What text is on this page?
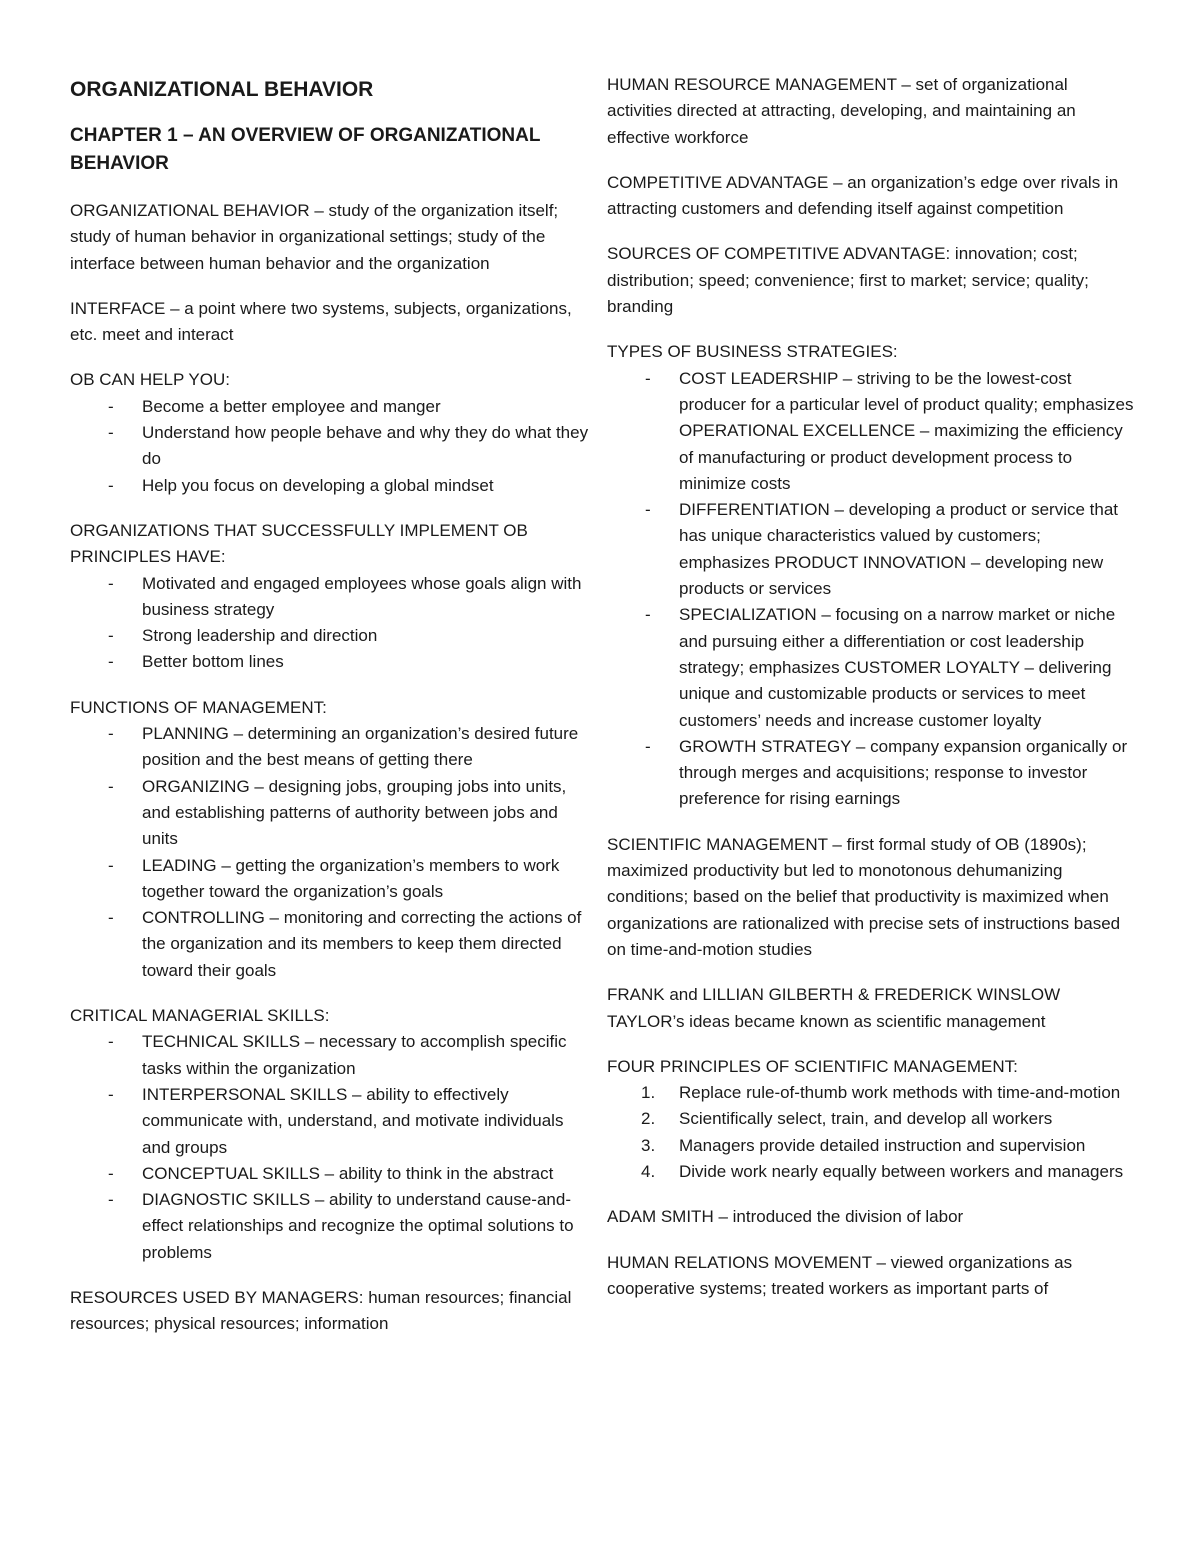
ORGANIZATIONAL BEHAVIOR
CHAPTER 1 – AN OVERVIEW OF ORGANIZATIONAL BEHAVIOR

ORGANIZATIONAL BEHAVIOR – study of the organization itself; study of human behavior in organizational settings; study of the interface between human behavior and the organization

INTERFACE – a point where two systems, subjects, organizations, etc. meet and interact

OB CAN HELP YOU:

- Become a better employee and manger
- Understand how people behave and why they do what they do
- Help you focus on developing a global mindset

ORGANIZATIONS THAT SUCCESSFULLY IMPLEMENT OB PRINCIPLES HAVE:

- Motivated and engaged employees whose goals align with business strategy
- Strong leadership and direction
- Better bottom lines

FUNCTIONS OF MANAGEMENT:

- PLANNING – determining an organization’s desired future position and the best means of getting there
- ORGANIZING – designing jobs, grouping jobs into units, and establishing patterns of authority between jobs and units
- LEADING – getting the organization’s members to work together toward the organization’s goals
- CONTROLLING – monitoring and correcting the actions of the organization and its members to keep them directed toward their goals

CRITICAL MANAGERIAL SKILLS:

- TECHNICAL SKILLS – necessary to accomplish specific tasks within the organization
- INTERPERSONAL SKILLS – ability to effectively communicate with, understand, and motivate individuals and groups
- CONCEPTUAL SKILLS – ability to think in the abstract
- DIAGNOSTIC SKILLS – ability to understand cause-and-effect relationships and recognize the optimal solutions to problems

RESOURCES USED BY MANAGERS: human resources; financial resources; physical resources; information

HUMAN RESOURCE MANAGEMENT – set of organizational activities directed at attracting, developing, and maintaining an effective workforce

COMPETITIVE ADVANTAGE – an organization’s edge over rivals in attracting customers and defending itself against competition

SOURCES OF COMPETITIVE ADVANTAGE: innovation; cost; distribution; speed; convenience; first to market; service; quality; branding

TYPES OF BUSINESS STRATEGIES:

- COST LEADERSHIP – striving to be the lowest-cost producer for a particular level of product quality; emphasizes OPERATIONAL EXCELLENCE – maximizing the efficiency of manufacturing or product development process to minimize costs
- DIFFERENTIATION – developing a product or service that has unique characteristics valued by customers; emphasizes PRODUCT INNOVATION – developing new products or services
- SPECIALIZATION – focusing on a narrow market or niche and pursuing either a differentiation or cost leadership strategy; emphasizes CUSTOMER LOYALTY – delivering unique and customizable products or services to meet customers’ needs and increase customer loyalty
- GROWTH STRATEGY – company expansion organically or through merges and acquisitions; response to investor preference for rising earnings

SCIENTIFIC MANAGEMENT – first formal study of OB (1890s); maximized productivity but led to monotonous dehumanizing conditions; based on the belief that productivity is maximized when organizations are rationalized with precise sets of instructions based on time-and-motion studies

FRANK and LILLIAN GILBERTH & FREDERICK WINSLOW TAYLOR’s ideas became known as scientific management

FOUR PRINCIPLES OF SCIENTIFIC MANAGEMENT:

1. Replace rule-of-thumb work methods with time-and-motion
2. Scientifically select, train, and develop all workers
3. Managers provide detailed instruction and supervision
4. Divide work nearly equally between workers and managers

ADAM SMITH – introduced the division of labor

HUMAN RELATIONS MOVEMENT – viewed organizations as cooperative systems; treated workers as important parts of
